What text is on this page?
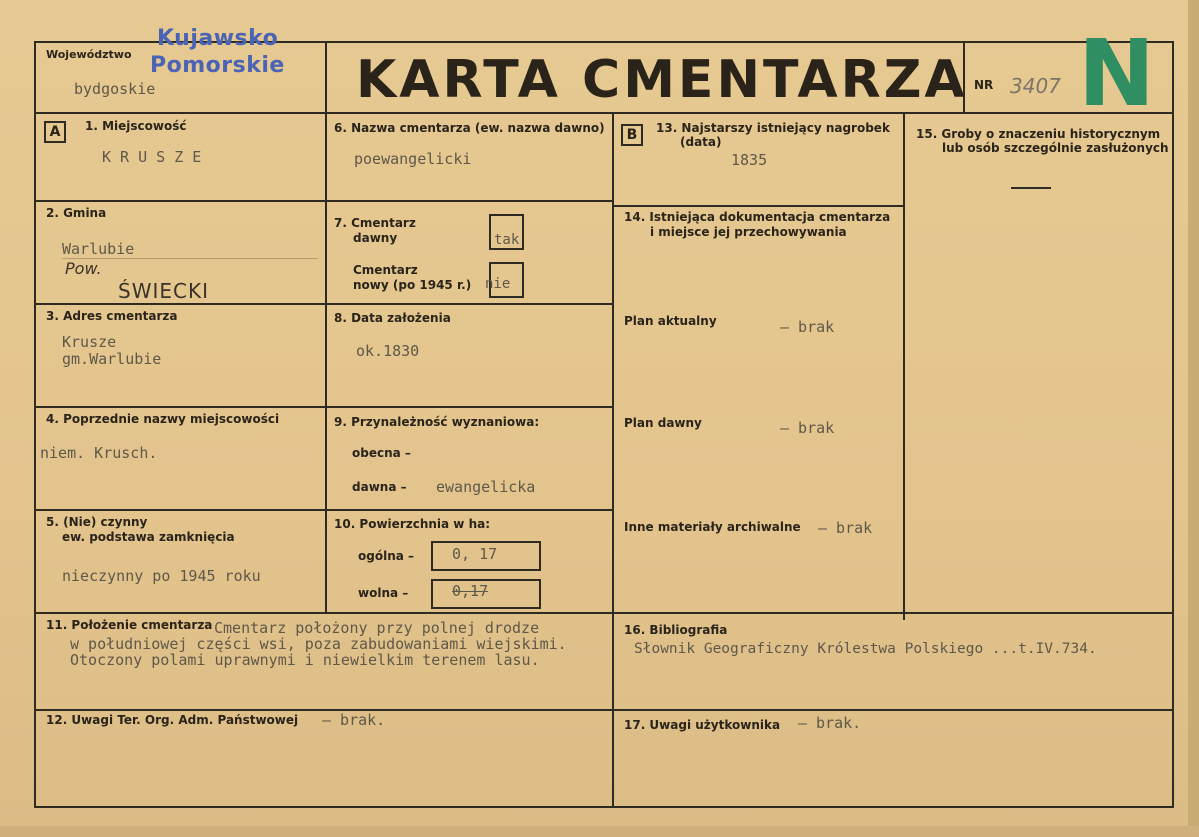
Województwo
Kujawsko
Pomorskie
bydgoskie	KARTA CMENTARZA NR 3407 N
A	1. Miejscowość
K R U S Z E
2. Gmina
Warlubie
Pow.
ŚWIECKI
3. Adres cmentarza
Krusze
gm.Warlubie
4. Poprzednie nazwy miejscowości
niem. Krusch.
5. (Nie) czynny
ew. podstawa zamknięcia
nieczynny po 1945 roku
6. Nazwa cmentarza (ew. nazwa dawno)
poewangelicki
7. Cmentarz
dawny	tak
Cmentarz
nowy (po 1945 r.) nie
8. Data założenia
ok.1830
9. Przynależność wyznaniowa:
obecna –
dawna – ewangelicka
10. Powierzchnia w ha:
ogólna –	0, 17
wolna –	0,17
B	13. Najstarszy istniejący nagrobek
(data)
1835
14. Istniejąca dokumentacja cmentarza
i miejsce jej przechowywania
Plan aktualny	– brak
Plan dawny	– brak
Inne materiały archiwalne – brak
15. Groby o znaczeniu historycznym
lub osób szczególnie zasłużonych
11. Położenie cmentarza Cmentarz położony przy polnej drodze
w południowej części wsi, poza zabudowaniami wiejskimi.
Otoczony polami uprawnymi i niewielkim terenem lasu.
16. Bibliografia
Słownik Geograficzny Królestwa Polskiego ...t.IV.734.
12. Uwagi Ter. Org. Adm. Państwowej – brak.	17. Uwagi użytkownika – brak.
